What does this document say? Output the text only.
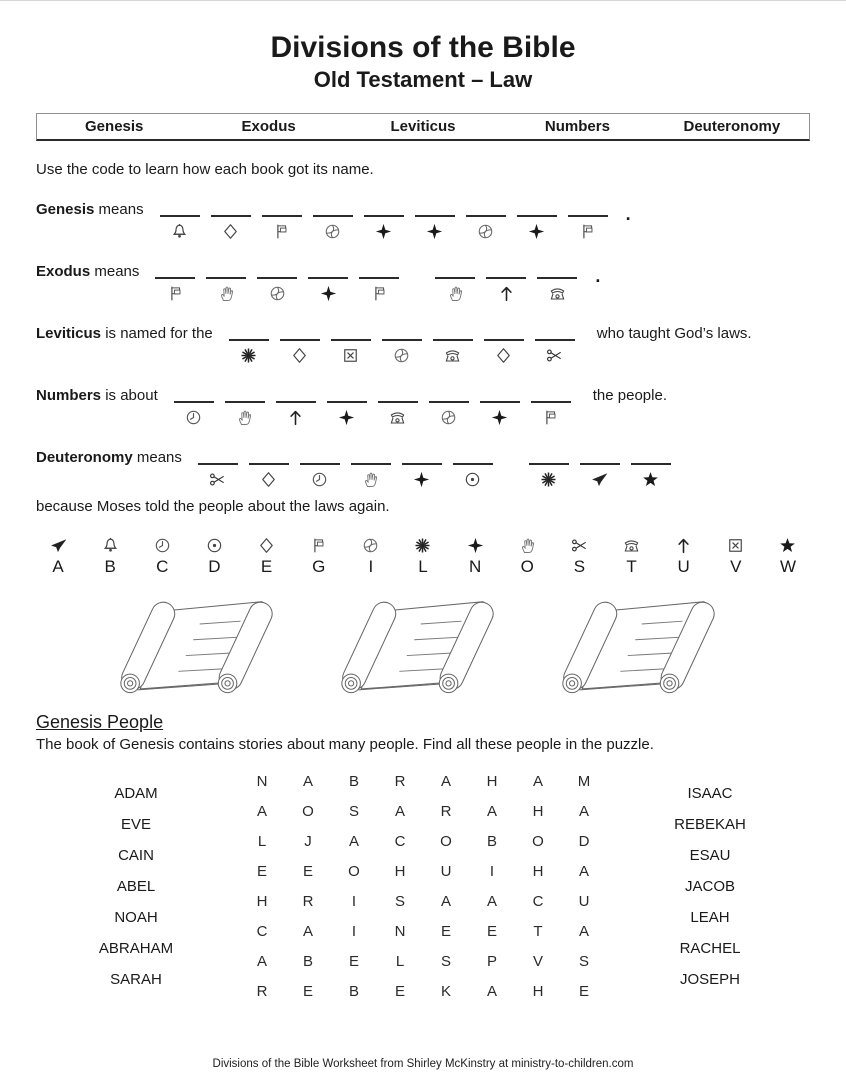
Divisions of the Bible
Old Testament – Law
Genesis	Exodus	Leviticus	Numbers	Deuteronomy

Use the code to learn how each book got its name.

Genesis means	.
Exodus means	.
Leviticus is named for the	who taught God’s laws.
Numbers is about	the people.
Deuteronomy means

because Moses told the people about the laws again.

A B C D E G	I	L N O S T U V W
Genesis People

The book of Genesis contains stories about many people. Find all these people in the puzzle.

ADAM
EVE
CAIN
ABEL
NOAH
ABRAHAM
SARAH
N A B R A H A M
A O S A R A H A
L	J	A C O B O D
E E O H U	I	H A
H R	I	S A A C U
C A	I	N E E T A
A B E L S P V S
R E B E K A H E
ISAAC
REBEKAH
ESAU
JACOB
LEAH
RACHEL
JOSEPH
Divisions of the Bible Worksheet from Shirley McKinstry at ministry-to-children.com
